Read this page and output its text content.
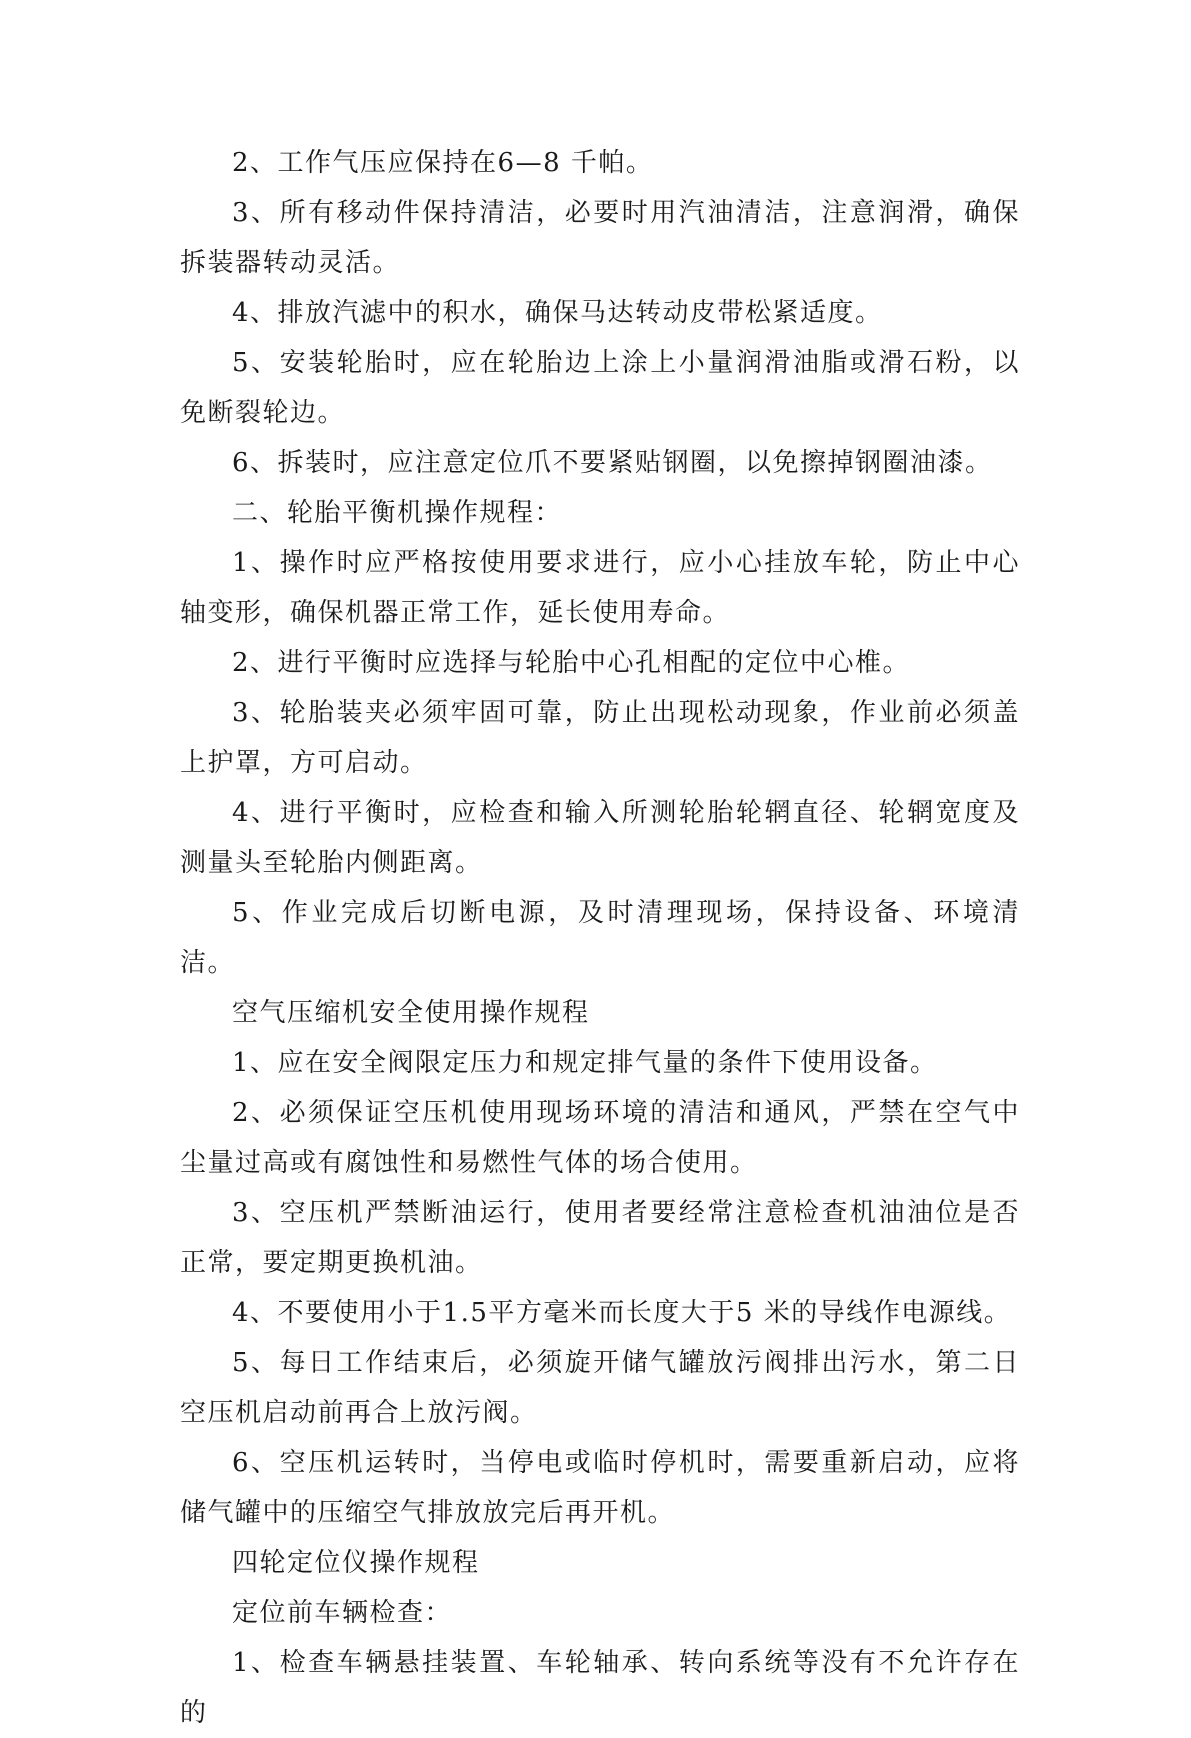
2、工作气压应保持在6—8 千帕。

3、所有移动件保持清洁，必要时用汽油清洁，注意润滑，确保拆装器转动灵活。

4、排放汽滤中的积水，确保马达转动皮带松紧适度。

5、安装轮胎时，应在轮胎边上涂上小量润滑油脂或滑石粉，以免断裂轮边。

6、拆装时，应注意定位爪不要紧贴钢圈，以免擦掉钢圈油漆。

二、轮胎平衡机操作规程：

1、操作时应严格按使用要求进行，应小心挂放车轮，防止中心轴变形，确保机器正常工作，延长使用寿命。

2、进行平衡时应选择与轮胎中心孔相配的定位中心椎。

3、轮胎装夹必须牢固可靠，防止出现松动现象，作业前必须盖上护罩，方可启动。

4、进行平衡时，应检查和输入所测轮胎轮辋直径、轮辋宽度及测量头至轮胎内侧距离。

5、作业完成后切断电源，及时清理现场，保持设备、环境清洁。

空气压缩机安全使用操作规程

1、应在安全阀限定压力和规定排气量的条件下使用设备。

2、必须保证空压机使用现场环境的清洁和通风，严禁在空气中尘量过高或有腐蚀性和易燃性气体的场合使用。

3、空压机严禁断油运行，使用者要经常注意检查机油油位是否正常，要定期更换机油。

4、不要使用小于1.5平方毫米而长度大于5 米的导线作电源线。

5、每日工作结束后，必须旋开储气罐放污阀排出污水，第二日空压机启动前再合上放污阀。

6、空压机运转时，当停电或临时停机时，需要重新启动，应将储气罐中的压缩空气排放放完后再开机。

四轮定位仪操作规程

定位前车辆检查：

1、检查车辆悬挂装置、车轮轴承、转向系统等没有不允许存在的
